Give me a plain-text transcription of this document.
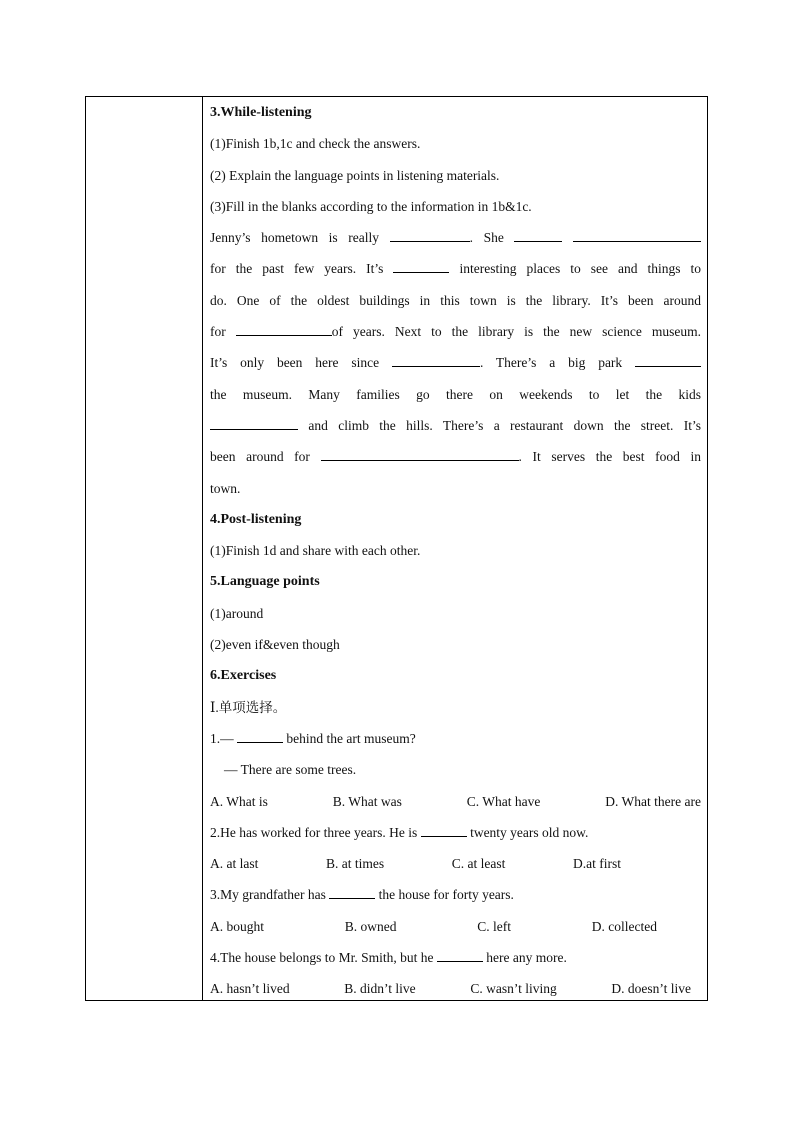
3.While-listening
(1)Finish 1b,1c and check the answers.
(2) Explain the language points in listening materials.
(3)Fill in the blanks according to the information in 1b&1c.
Jenny’s hometown is really	. She
for the past few years. It’s	interesting places to see and things to
do. One of the oldest buildings in this town is the library. It’s been around
for	of years. Next to the library is the new science museum.
It’s only been here since	. There’s a big park
the museum. Many families go there on weekends to let the kids
and climb the hills. There’s a restaurant down the street. It’s
been around for	. It serves the best food in
town.
4.Post-listening
(1)Finish 1d and share with each other.
5.Language points
(1)around
(2)even if&even though
6.Exercises
Ⅰ.单项选择。
1.—	behind the art museum?
— There are some trees.
A. What is	B. What was	C. What have	D. What there are
2.He has worked for three years. He is	twenty years old now.
A. at last	B. at times	C. at least	D.at first
3.My grandfather has	the house for forty years.
A. bought	B. owned	C. left	D. collected
4.The house belongs to Mr. Smith, but he	here any more.
A. hasn’t lived	B. didn’t live	C. wasn’t living	D. doesn’t live
